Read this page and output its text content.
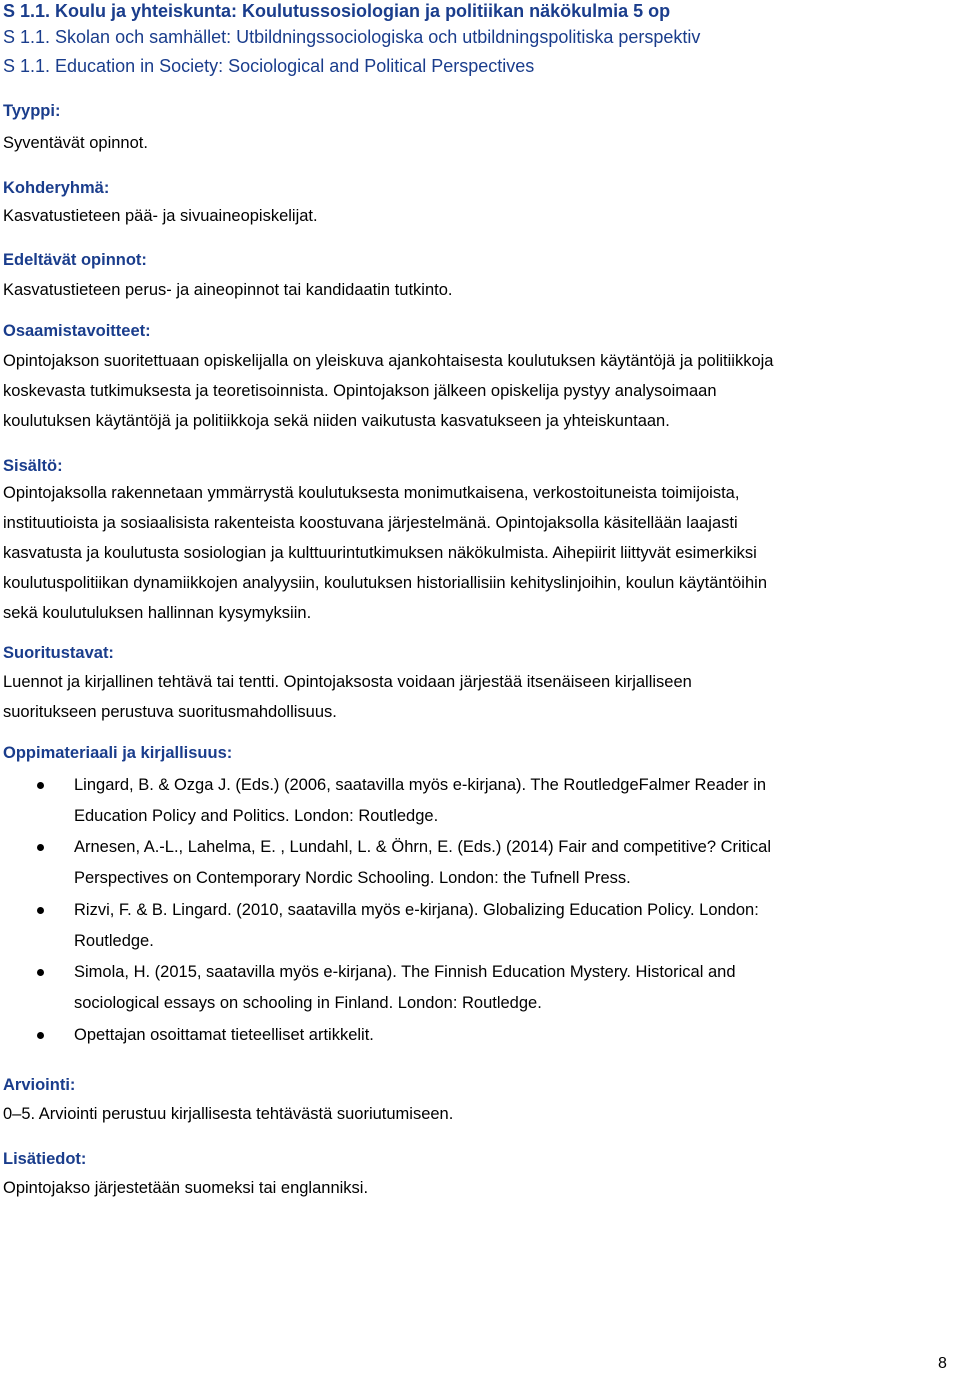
S 1.1. Koulu ja yhteiskunta: Koulutussosiologian ja politiikan näkökulmia 5 op
S 1.1. Skolan och samhället: Utbildningssociologiska och utbildningspolitiska perspektiv
S 1.1. Education in Society: Sociological and Political Perspectives
Tyyppi:
Syventävät opinnot.
Kohderyhmä:
Kasvatustieteen pää- ja sivuaineopiskelijat.
Edeltävät opinnot:
Kasvatustieteen perus- ja aineopinnot tai kandidaatin tutkinto.
Osaamistavoitteet:
Opintojakson suoritettuaan opiskelijalla on yleiskuva ajankohtaisesta koulutuksen käytäntöjä ja politiikkoja
koskevasta tutkimuksesta ja teoretisoinnista. Opintojakson jälkeen opiskelija pystyy analysoimaan
koulutuksen käytäntöjä ja politiikkoja sekä niiden vaikutusta kasvatukseen ja yhteiskuntaan.
Sisältö:
Opintojaksolla rakennetaan ymmärrystä koulutuksesta monimutkaisena, verkostoituneista toimijoista,
instituutioista ja sosiaalisista rakenteista koostuvana järjestelmänä. Opintojaksolla käsitellään laajasti
kasvatusta ja koulutusta sosiologian ja kulttuurintutkimuksen näkökulmista. Aihepiirit liittyvät esimerkiksi
koulutuspolitiikan dynamiikkojen analyysiin, koulutuksen historiallisiin kehityslinjoihin, koulun käytäntöihin
sekä koulutuluksen hallinnan kysymyksiin.
Suoritustavat:
Luennot ja kirjallinen tehtävä tai tentti. Opintojaksosta voidaan järjestää itsenäiseen kirjalliseen
suoritukseen perustuva suoritusmahdollisuus.
Oppimateriaali ja kirjallisuus:
Lingard, B. & Ozga J. (Eds.) (2006, saatavilla myös e-kirjana). The RoutledgeFalmer Reader in
Education Policy and Politics. London: Routledge.
Arnesen, A.-L., Lahelma, E. , Lundahl, L. & Öhrn, E. (Eds.) (2014) Fair and competitive? Critical
Perspectives on Contemporary Nordic Schooling. London: the Tufnell Press.
Rizvi, F. & B. Lingard. (2010, saatavilla myös e-kirjana). Globalizing Education Policy. London:
Routledge.
Simola, H. (2015, saatavilla myös e-kirjana). The Finnish Education Mystery. Historical and
sociological essays on schooling in Finland. London: Routledge.
Opettajan osoittamat tieteelliset artikkelit.
Arviointi:
0–5. Arviointi perustuu kirjallisesta tehtävästä suoriutumiseen.
Lisätiedot:
Opintojakso järjestetään suomeksi tai englanniksi.
8
